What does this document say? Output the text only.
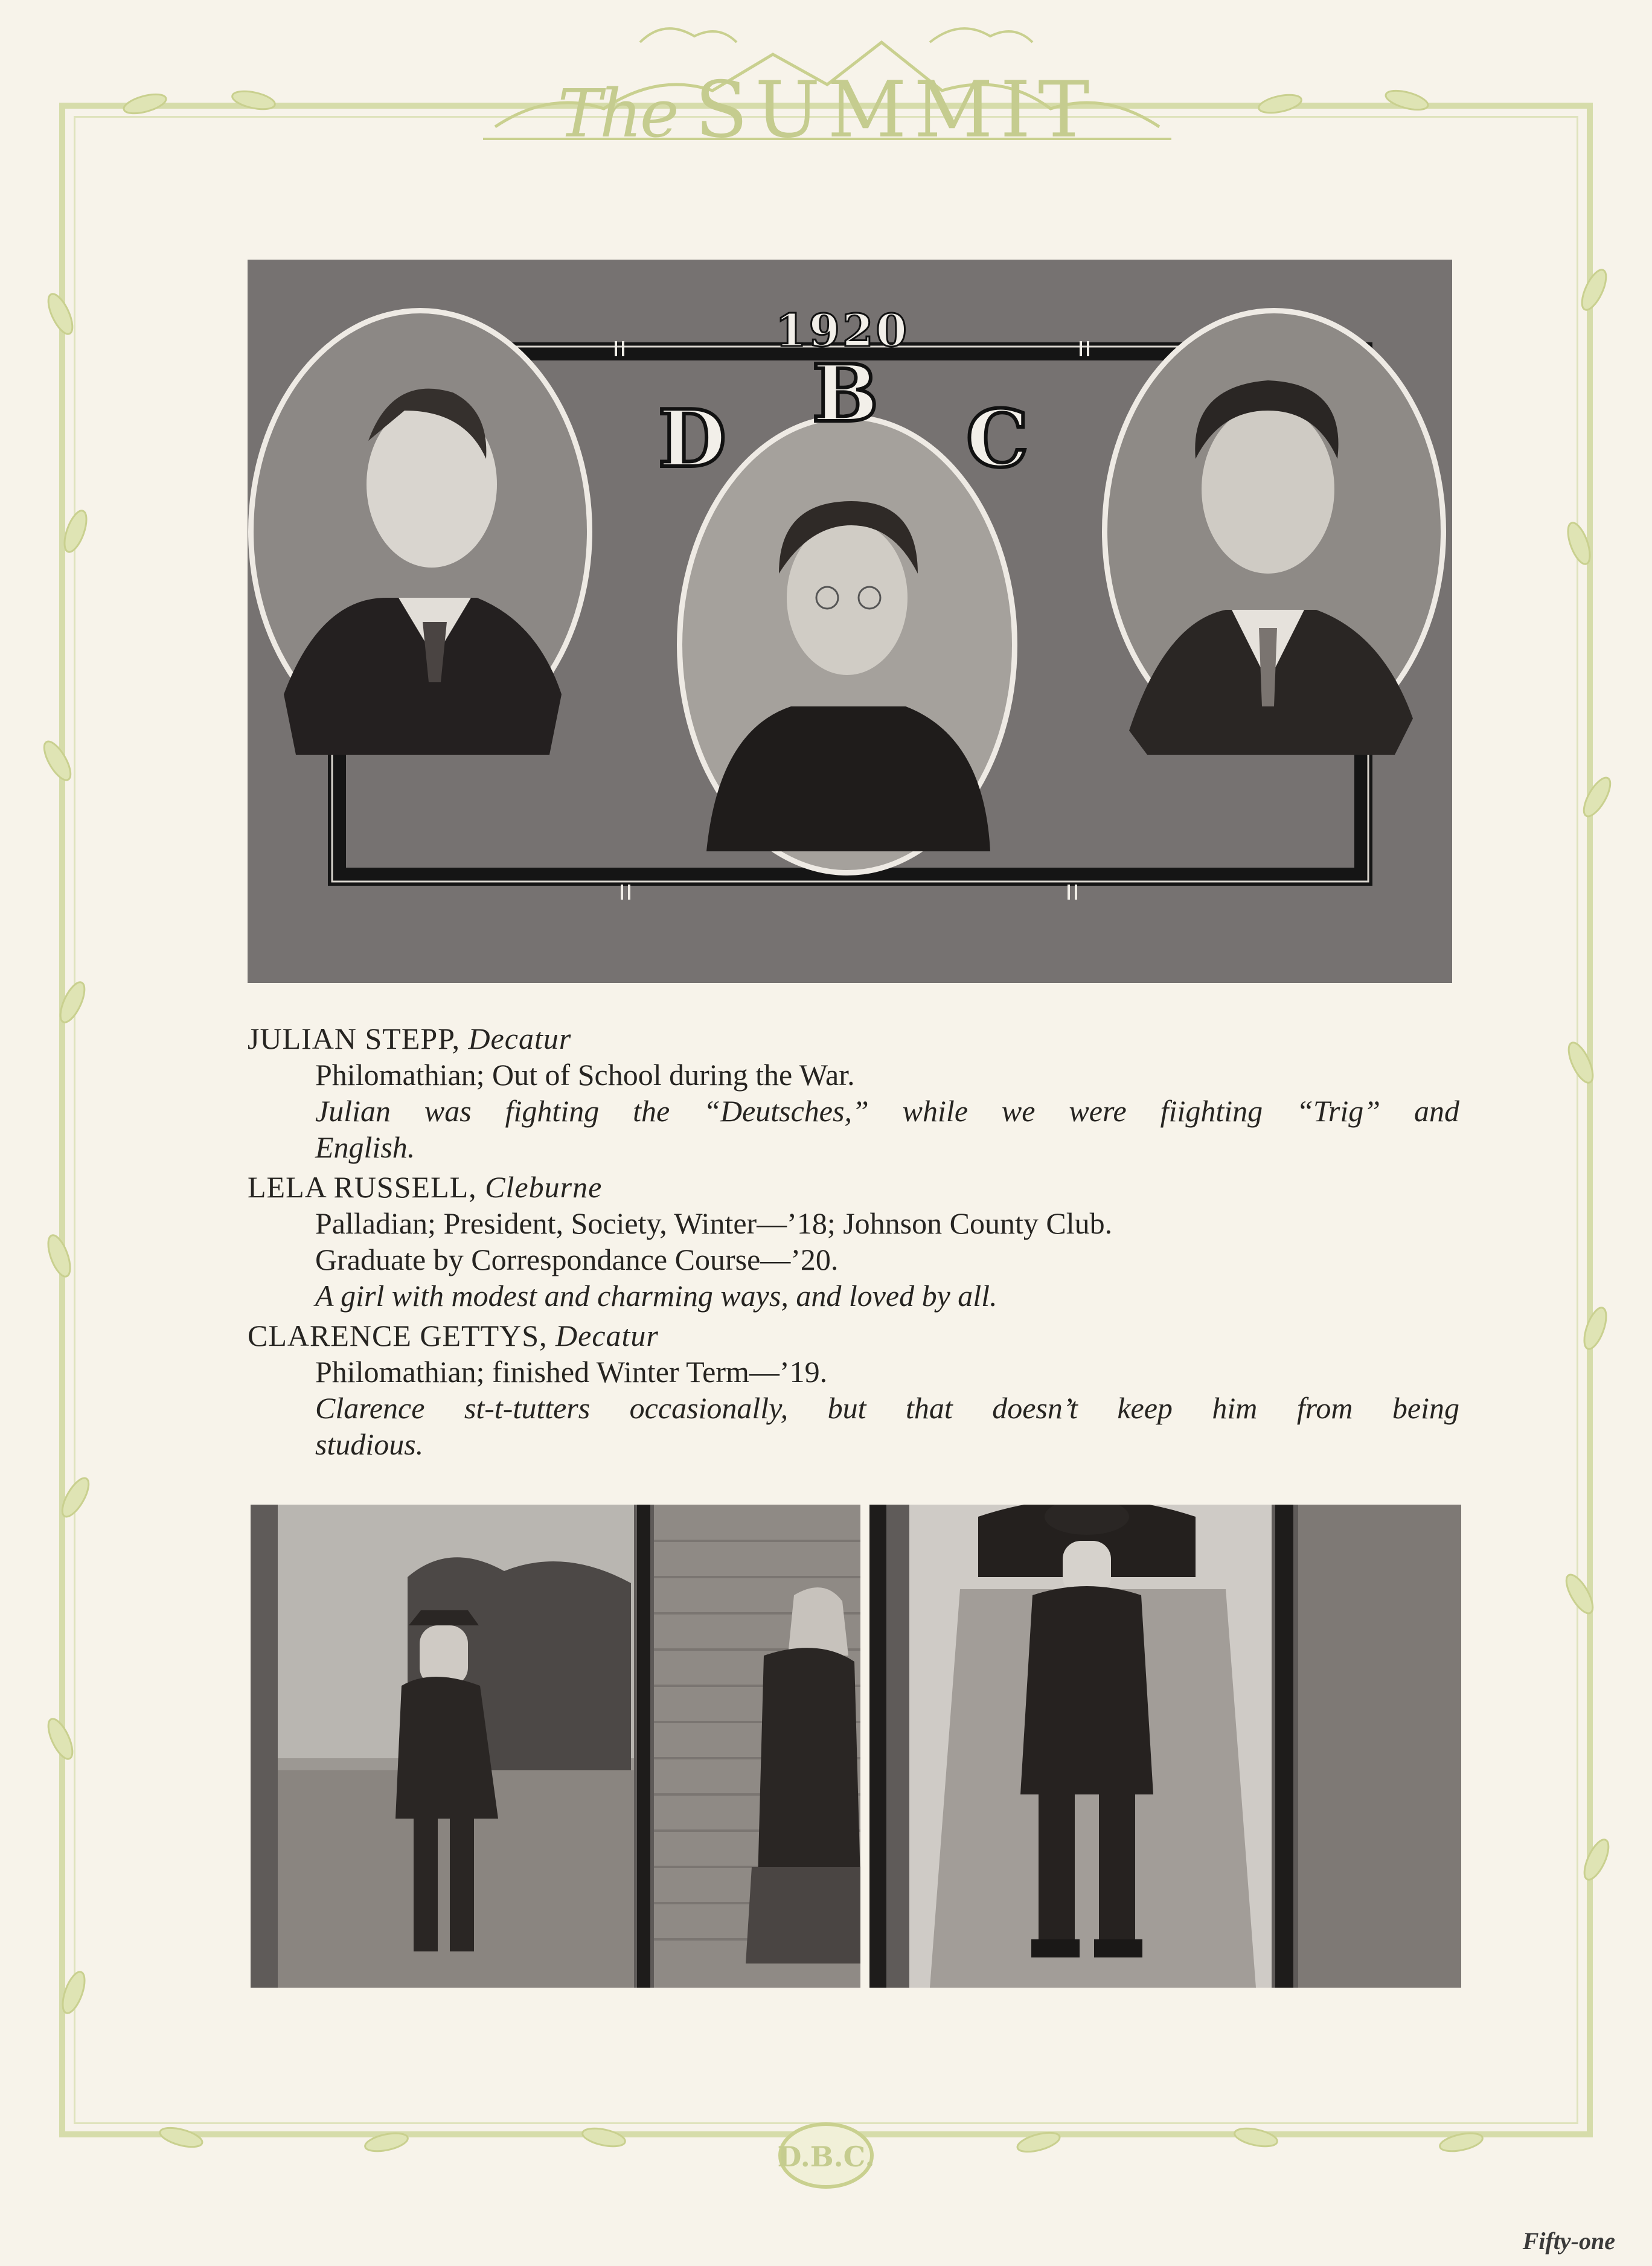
D.B.C.
The SUMMIT
1920
D B C
JULIAN STEPP, Decatur
Philomathian; Out of School during the War.
Julian was fighting the “Deutsches,” while we were fiighting “Trig” and
English.
LELA RUSSELL, Cleburne
Palladian; President, Society, Winter—’18; Johnson County Club.
Graduate by Correspondance Course—’20.
A girl with modest and charming ways, and loved by all.
CLARENCE GETTYS, Decatur
Philomathian; finished Winter Term—’19.
Clarence st-t-tutters occasionally, but that doesn’t keep him from being
studious.
Fifty-one
